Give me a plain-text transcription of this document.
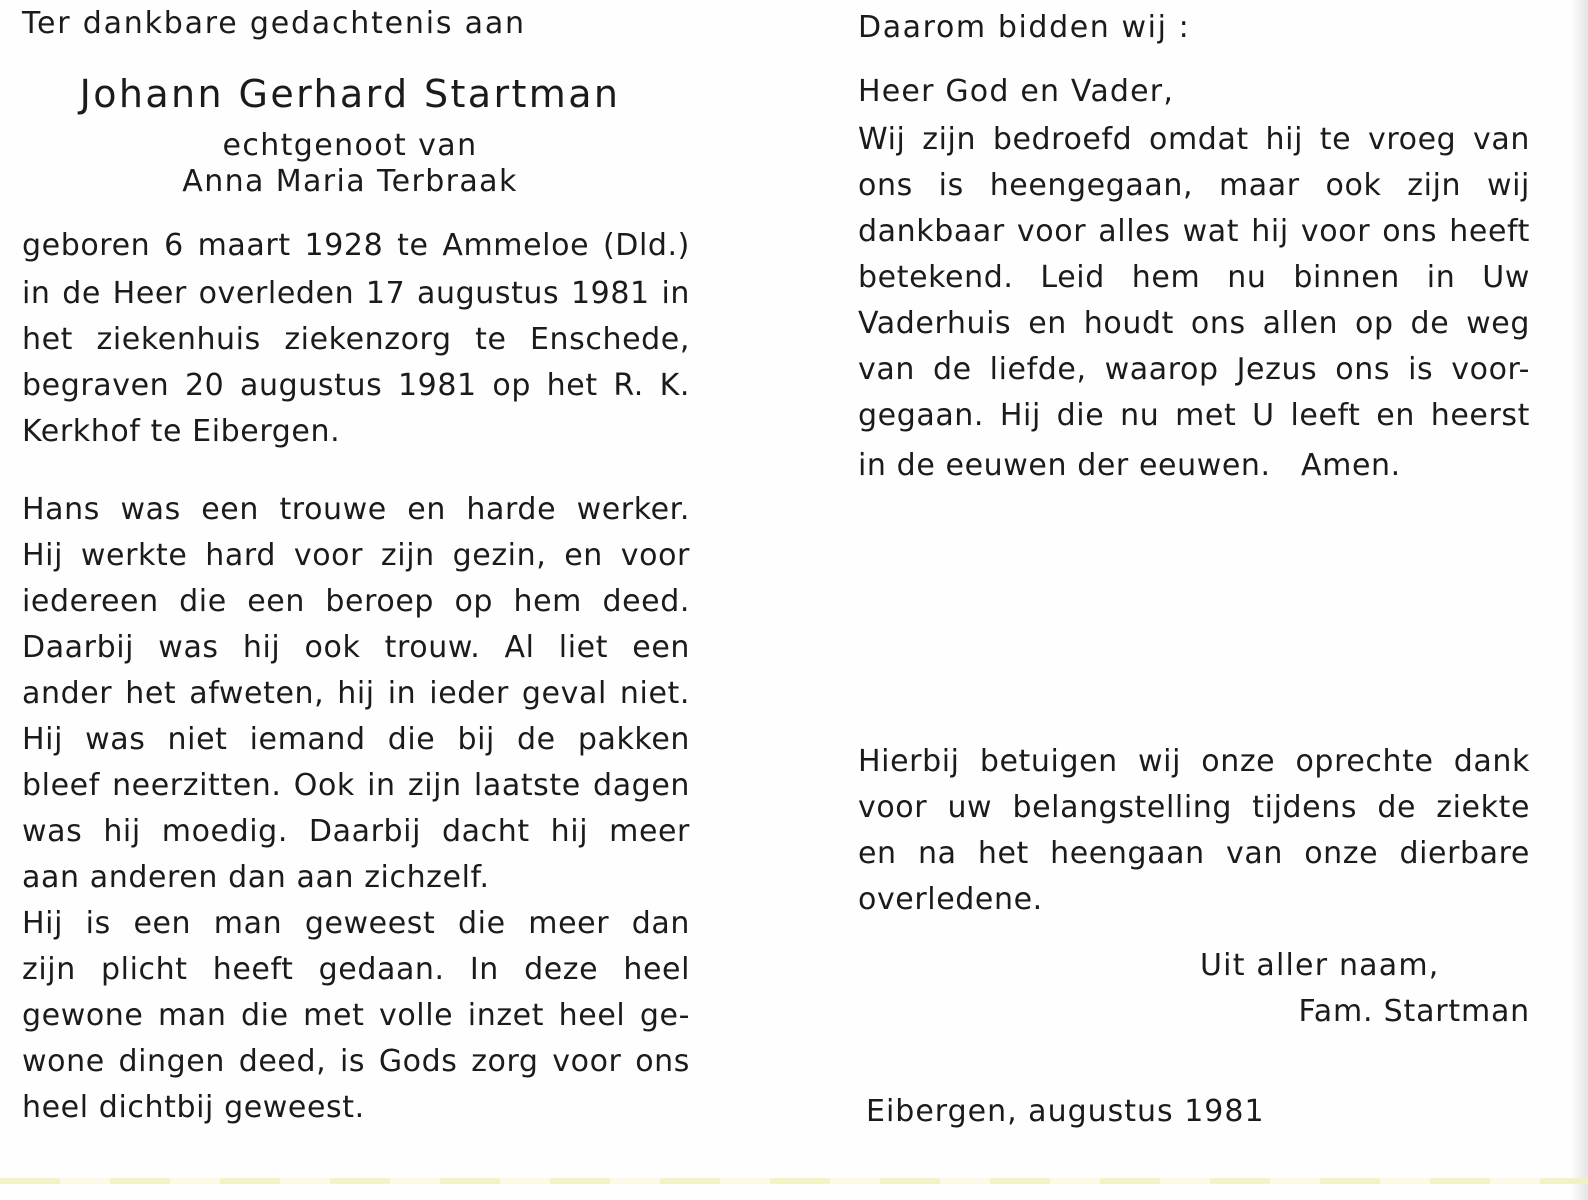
Ter dankbare gedachtenis aan
Johann Gerhard Startman
echtgenoot van
Anna Maria Terbraak
geboren 6 maart 1928 te Ammeloe (Dld.)
in de Heer overleden 17 augustus 1981 in
het ziekenhuis ziekenzorg te Enschede,
begraven 20 augustus 1981 op het R. K.
Kerkhof te Eibergen.
Hans was een trouwe en harde werker.
Hij werkte hard voor zijn gezin, en voor
iedereen die een beroep op hem deed.
Daarbij was hij ook trouw. Al liet een
ander het afweten, hij in ieder geval niet.
Hij was niet iemand die bij de pakken
bleef neerzitten. Ook in zijn laatste dagen
was hij moedig. Daarbij dacht hij meer
aan anderen dan aan zichzelf.
Hij is een man geweest die meer dan
zijn plicht heeft gedaan. In deze heel
gewone man die met volle inzet heel ge-
wone dingen deed, is Gods zorg voor ons
heel dichtbij geweest.
Daarom bidden wij :
Heer God en Vader,
Wij zijn bedroefd omdat hij te vroeg van
ons is heengegaan, maar ook zijn wij
dankbaar voor alles wat hij voor ons heeft
betekend. Leid hem nu binnen in Uw
Vaderhuis en houdt ons allen op de weg
van de liefde, waarop Jezus ons is voor-
gegaan. Hij die nu met U leeft en heerst
in de eeuwen der eeuwen.   Amen.
Hierbij betuigen wij onze oprechte dank
voor uw belangstelling tijdens de ziekte
en na het heengaan van onze dierbare
overledene.
Uit aller naam,
Fam. Startman
Eibergen, augustus 1981
